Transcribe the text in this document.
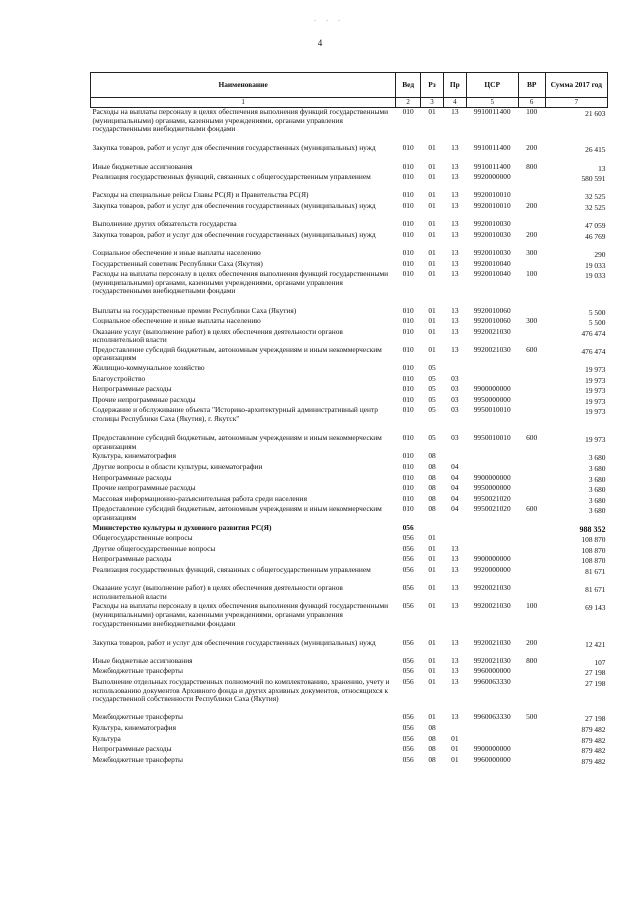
. . .
4
Наименование	Вед	Рз	Пр	ЦСР	ВР	Сумма 2017 год
1	2	3	4	5	6	7
Расходы на выплаты персоналу в целях обеспечения выполнения функций государственными (муниципальными) органами, казенными учреждениями, органами управления государственными внебюджетными фондами	010	01	13	9910011400	100	21 603

Закупка товаров, работ и услуг для обеспечения государственных (муниципальных) нужд	010	01	13	9910011400	200	26 415
Иные бюджетные ассигнования	010	01	13	9910011400	800	13
Реализация государственных функций, связанных с общегосударственным управлением	010	01	13	9920000000		580 591
Расходы на специальные рейсы Главы РС(Я) и Правительства РС(Я)	010	01	13	9920010010		32 525
Закупка товаров, работ и услуг для обеспечения государственных (муниципальных) нужд	010	01	13	9920010010	200	32 525
Выполнение других обязательств государства	010	01	13	9920010030		47 059
Закупка товаров, работ и услуг для обеспечения государственных (муниципальных) нужд	010	01	13	9920010030	200	46 769
Социальное обеспечение и иные выплаты населению	010	01	13	9920010030	300	290
Государственный советник Республики Саха (Якутия)	010	01	13	9920010040		19 033
Расходы на выплаты персоналу в целях обеспечения выполнения функций государственными (муниципальными) органами, казенными учреждениями, органами управления государственными внебюджетными фондами	010	01	13	9920010040	100	19 033

Выплаты на государственные премии Республики Саха (Якутия)	010	01	13	9920010060		5 500
Социальное обеспечение и иные выплаты населению	010	01	13	9920010060	300	5 500
Оказание услуг (выполнение работ) в целях обеспечения деятельности органов исполнительной власти	010	01	13	9920021030		476 474
Предоставление субсидий бюджетным, автономным учреждениям и иным некоммерческим организациям	010	01	13	9920021030	600	476 474
Жилищно-коммунальное хозяйство	010	05				19 973
Благоустройство	010	05	03			19 973
Непрограммные расходы	010	05	03	9900000000		19 973
Прочие непрограммные расходы	010	05	03	9950000000		19 973
Содержание и обслуживание объекта "Историко-архитектурный административный центр столицы Республики Саха (Якутия), г. Якутск"	010	05	03	9950010010		19 973

Предоставление субсидий бюджетным, автономным учреждениям и иным некоммерческим организациям	010	05	03	9950010010	600	19 973
Культура, кинематография	010	08				3 680
Другие вопросы в области культуры, кинематографии	010	08	04			3 680
Непрограммные расходы	010	08	04	9900000000		3 680
Прочие непрограммные расходы	010	08	04	9950000000		3 680
Массовая информационно-разъяснительная работа среди населения	010	08	04	9950021020		3 680
Предоставление субсидий бюджетным, автономным учреждениям и иным некоммерческим организациям	010	08	04	9950021020	600	3 680
Министерство культуры и духовного развития РС(Я)	056					988 352
Общегосударственные вопросы	056	01				108 870
Другие общегосударственные вопросы	056	01	13			108 870
Непрограммные расходы	056	01	13	9900000000		108 870
Реализация государственных функций, связанных с общегосударственным управлением	056	01	13	9920000000		81 671
Оказание услуг (выполнение работ) в целях обеспечения деятельности органов исполнительной власти	056	01	13	9920021030		81 671
Расходы на выплаты персоналу в целях обеспечения выполнения функций государственными (муниципальными) органами, казенными учреждениями, органами управления государственными внебюджетными фондами	056	01	13	9920021030	100	69 143

Закупка товаров, работ и услуг для обеспечения государственных (муниципальных) нужд	056	01	13	9920021030	200	12 421
Иные бюджетные ассигнования	056	01	13	9920021030	800	107
Межбюджетные трансферты	056	01	13	9960000000		27 198
Выполнение отдельных государственных полномочий по комплектованию, хранению, учету и использованию документов Архивного фонда и других архивных документов, относящихся к государственной собственности Республики Саха (Якутия)	056	01	13	9960063330		27 198
Межбюджетные трансферты	056	01	13	9960063330	500	27 198
Культура, кинематография	056	08				879 482
Культура	056	08	01			879 482
Непрограммные расходы	056	08	01	9900000000		879 482
Межбюджетные трансферты	056	08	01	9960000000		879 482
